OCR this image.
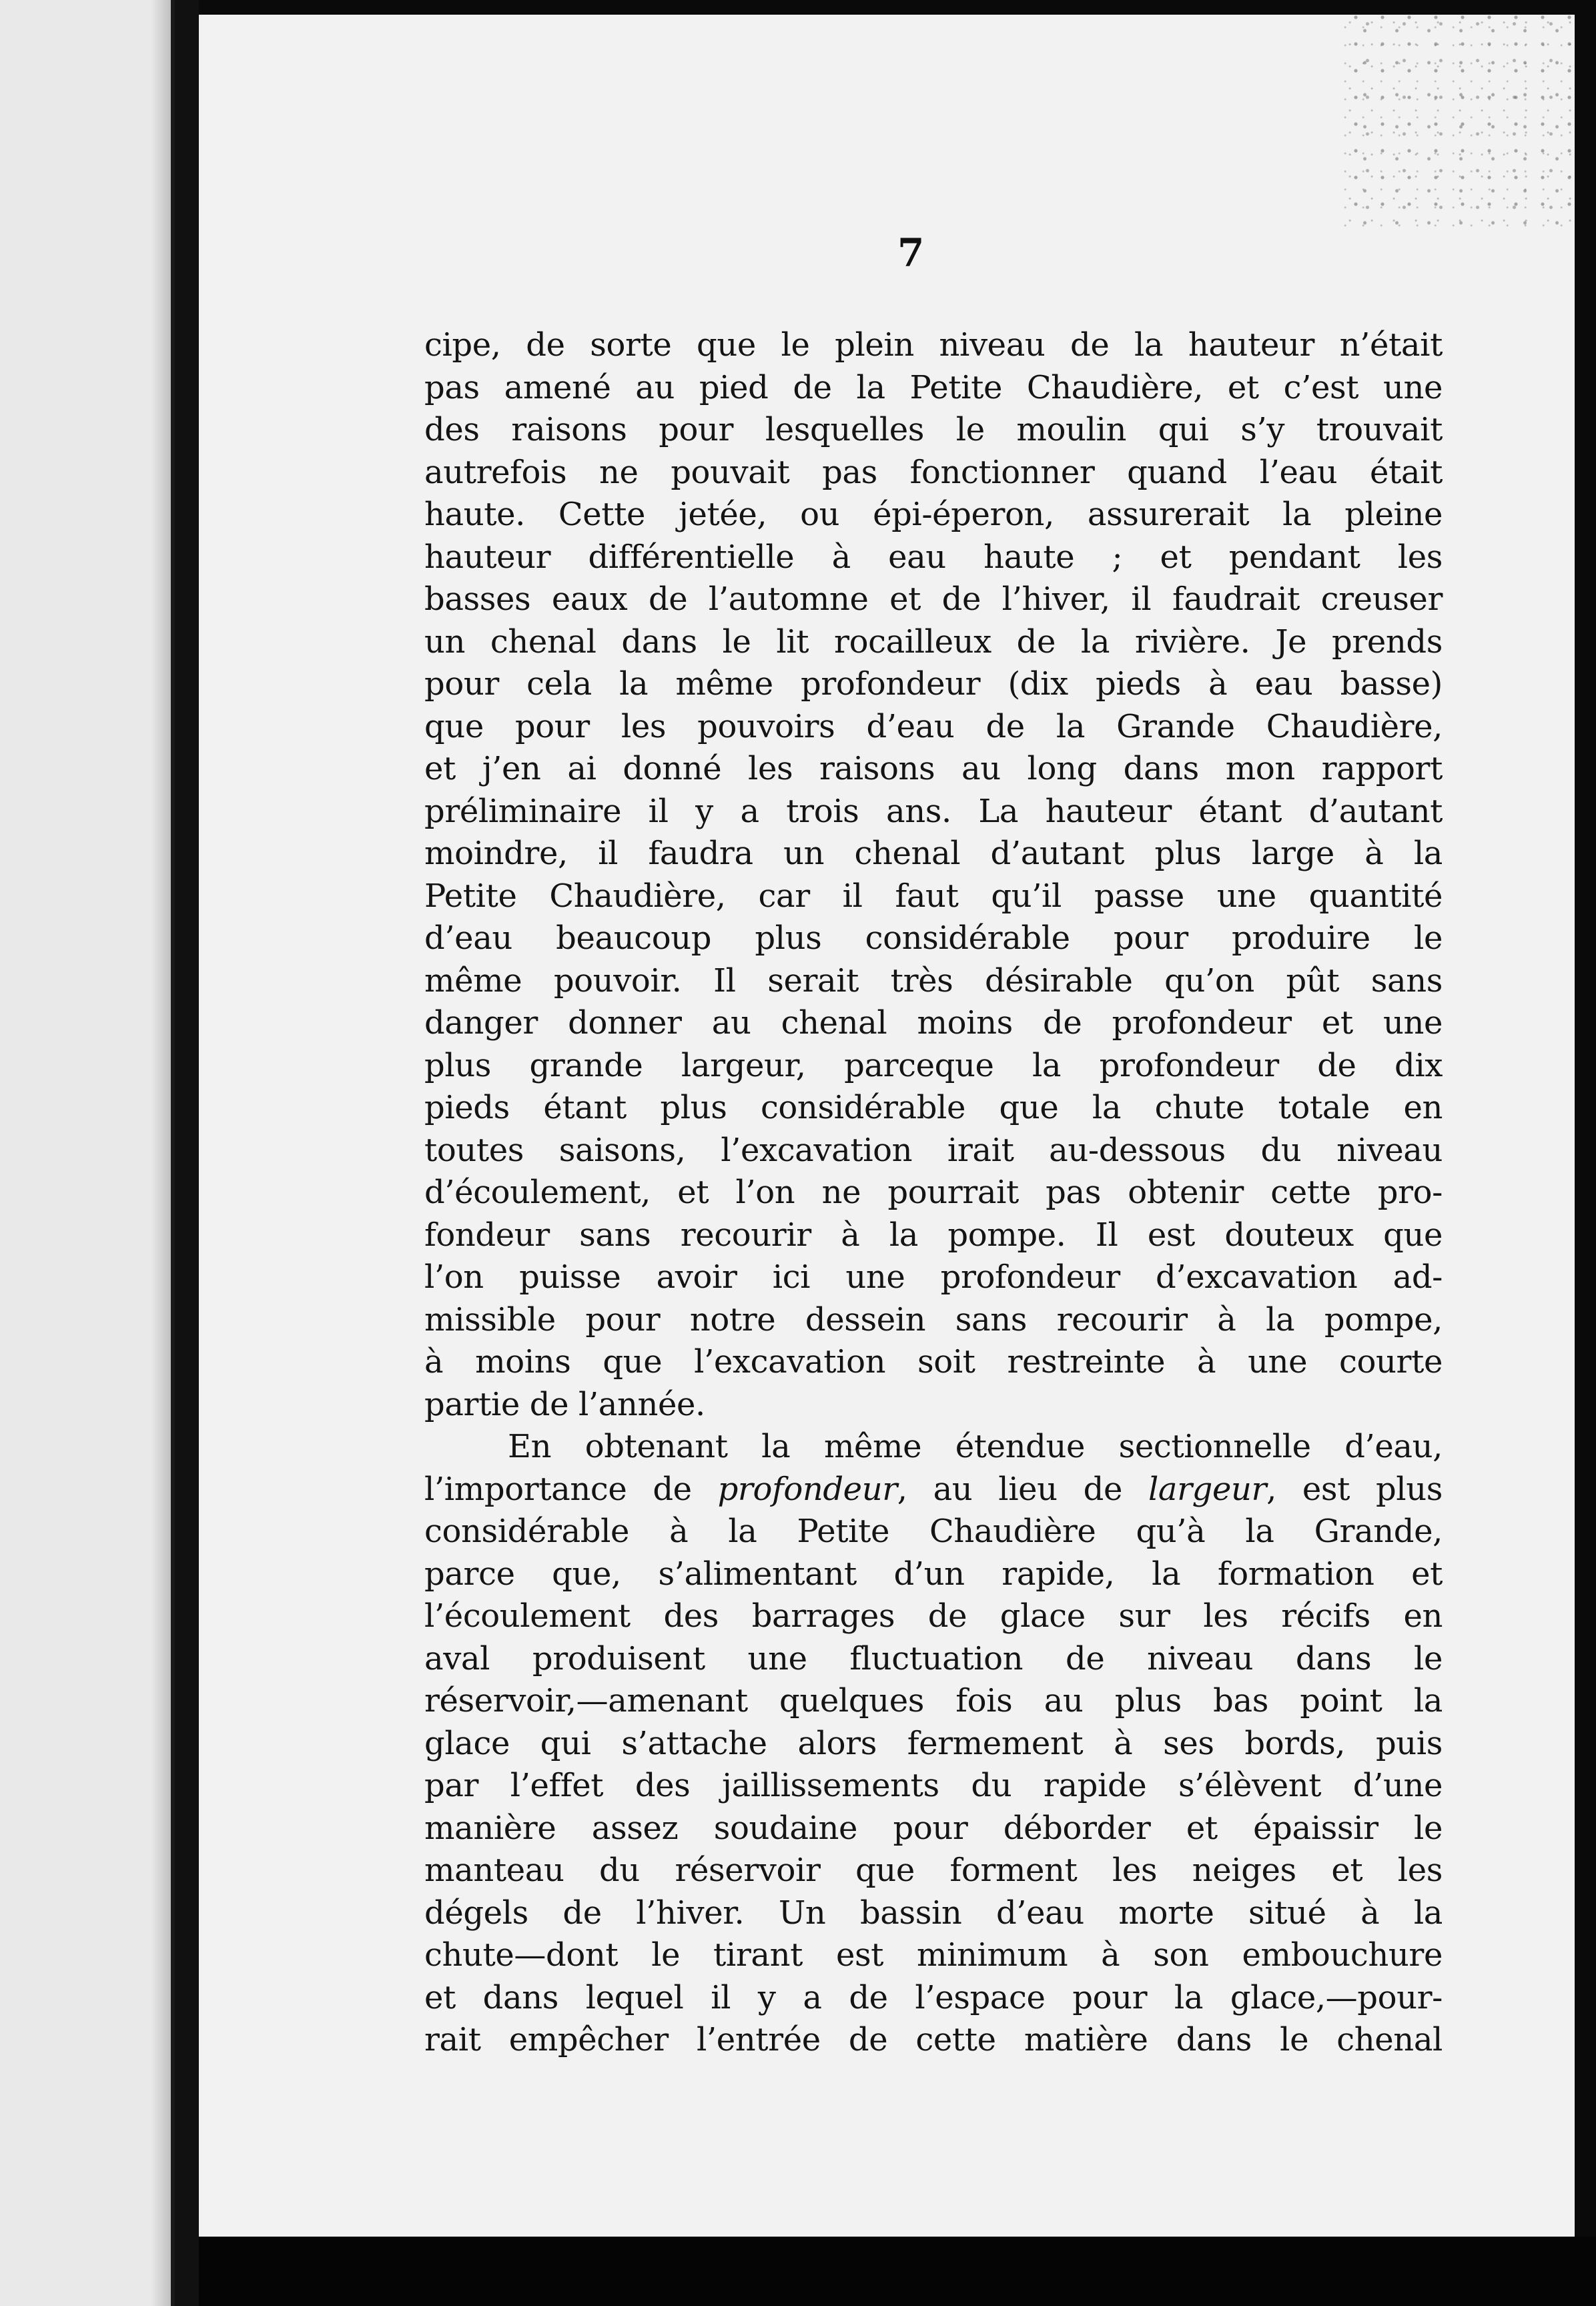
7
cipe, de sorte que le plein niveau de la hauteur n’était
pas amené au pied de la Petite Chaudière, et c’est une
des raisons pour lesquelles le moulin qui s’y trouvait
autrefois ne pouvait pas fonctionner quand l’eau était
haute. Cette jetée, ou épi-éperon, assurerait la pleine
hauteur différentielle à eau haute ; et pendant les
basses eaux de l’automne et de l’hiver, il faudrait creuser
un chenal dans le lit rocailleux de la rivière. Je prends
pour cela la même profondeur (dix pieds à eau basse)
que pour les pouvoirs d’eau de la Grande Chaudière,
et j’en ai donné les raisons au long dans mon rapport
préliminaire il y a trois ans. La hauteur étant d’autant
moindre, il faudra un chenal d’autant plus large à la
Petite Chaudière, car il faut qu’il passe une quantité
d’eau beaucoup plus considérable pour produire le
même pouvoir. Il serait très désirable qu’on pût sans
danger donner au chenal moins de profondeur et une
plus grande largeur, parceque la profondeur de dix
pieds étant plus considérable que la chute totale en
toutes saisons, l’excavation irait au-dessous du niveau
d’écoulement, et l’on ne pourrait pas obtenir cette pro-
fondeur sans recourir à la pompe. Il est douteux que
l’on puisse avoir ici une profondeur d’excavation ad-
missible pour notre dessein sans recourir à la pompe,
à moins que l’excavation soit restreinte à une courte
partie de l’année.
En obtenant la même étendue sectionnelle d’eau,
l’importance de profondeur, au lieu de largeur, est plus
considérable à la Petite Chaudière qu’à la Grande,
parce que, s’alimentant d’un rapide, la formation et
l’écoulement des barrages de glace sur les récifs en
aval produisent une fluctuation de niveau dans le
réservoir,—amenant quelques fois au plus bas point la
glace qui s’attache alors fermement à ses bords, puis
par l’effet des jaillissements du rapide s’élèvent d’une
manière assez soudaine pour déborder et épaissir le
manteau du réservoir que forment les neiges et les
dégels de l’hiver. Un bassin d’eau morte situé à la
chute—dont le tirant est minimum à son embouchure
et dans lequel il y a de l’espace pour la glace,—pour-
rait empêcher l’entrée de cette matière dans le chenal
